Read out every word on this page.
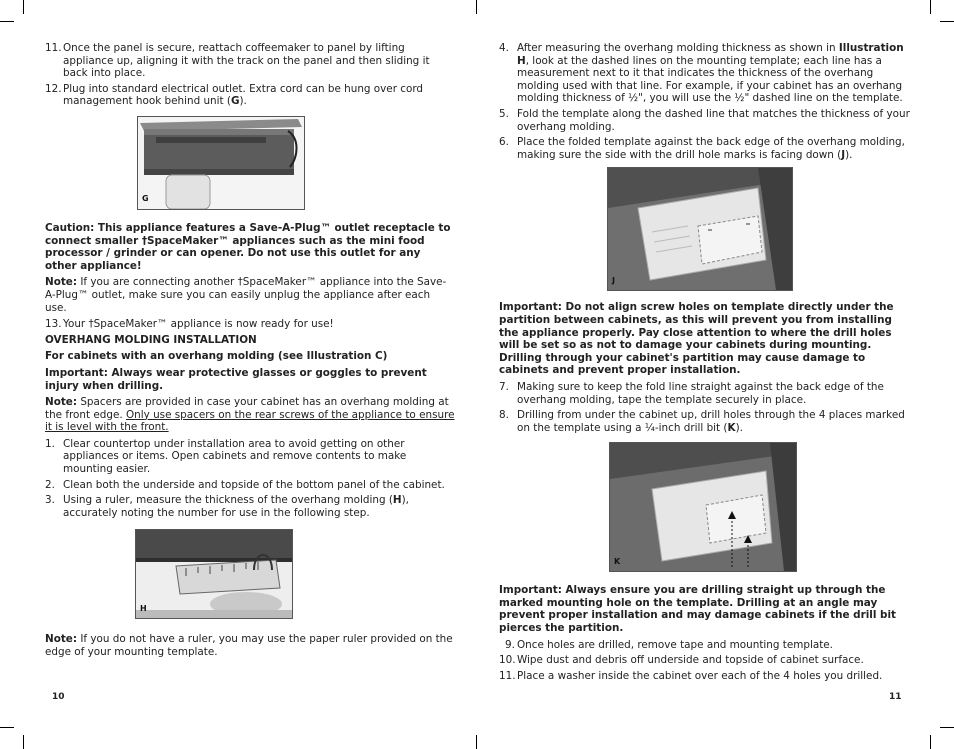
11. Once the panel is secure, reattach coffeemaker to panel by lifting appliance up, aligning it with the track on the panel and then sliding it back into place.
12. Plug into standard electrical outlet. Extra cord can be hung over cord management hook behind unit (G).
G

Caution: This appliance features a Save-A-Plug™ outlet receptacle to connect smaller †SpaceMaker™ appliances such as the mini food processor / grinder or can opener. Do not use this outlet for any other appliance!

Note: If you are connecting another †SpaceMaker™ appliance into the Save-A-Plug™ outlet, make sure you can easily unplug the appliance after each use.

13. Your †SpaceMaker™ appliance is now ready for use!

OVERHANG MOLDING INSTALLATION

For cabinets with an overhang molding (see Illustration C)

Important: Always wear protective glasses or goggles to prevent injury when drilling.

Note: Spacers are provided in case your cabinet has an overhang molding at the front edge. Only use spacers on the rear screws of the appliance to ensure it is level with the front.

1. Clear countertop under installation area to avoid getting on other appliances or items. Open cabinets and remove contents to make mounting easier.
2. Clean both the underside and topside of the bottom panel of the cabinet.
3. Using a ruler, measure the thickness of the overhang molding (H), accurately noting the number for use in the following step.
H

Note: If you do not have a ruler, you may use the paper ruler provided on the edge of your mounting template.

4. After measuring the overhang molding thickness as shown in Illustration H, look at the dashed lines on the mounting template; each line has a measurement next to it that indicates the thickness of the overhang molding used with that line. For example, if your cabinet has an overhang molding thickness of ½", you will use the ½" dashed line on the template.
5. Fold the template along the dashed line that matches the thickness of your overhang molding.
6. Place the folded template against the back edge of the overhang molding, making sure the side with the drill hole marks is facing down (J).
J

Important: Do not align screw holes on template directly under the partition between cabinets, as this will prevent you from installing the appliance properly. Pay close attention to where the drill holes will be set so as not to damage your cabinets during mounting. Drilling through your cabinet's partition may cause damage to cabinets and prevent proper installation.

7. Making sure to keep the fold line straight against the back edge of the overhang molding, tape the template securely in place.
8. Drilling from under the cabinet up, drill holes through the 4 places marked on the template using a ¼-inch drill bit (K).
K

Important: Always ensure you are drilling straight up through the marked mounting hole on the template. Drilling at an angle may prevent proper installation and may damage cabinets if the drill bit pierces the partition.

9. Once holes are drilled, remove tape and mounting template.
10. Wipe dust and debris off underside and topside of cabinet surface.
11. Place a washer inside the cabinet over each of the 4 holes you drilled.
10	11
